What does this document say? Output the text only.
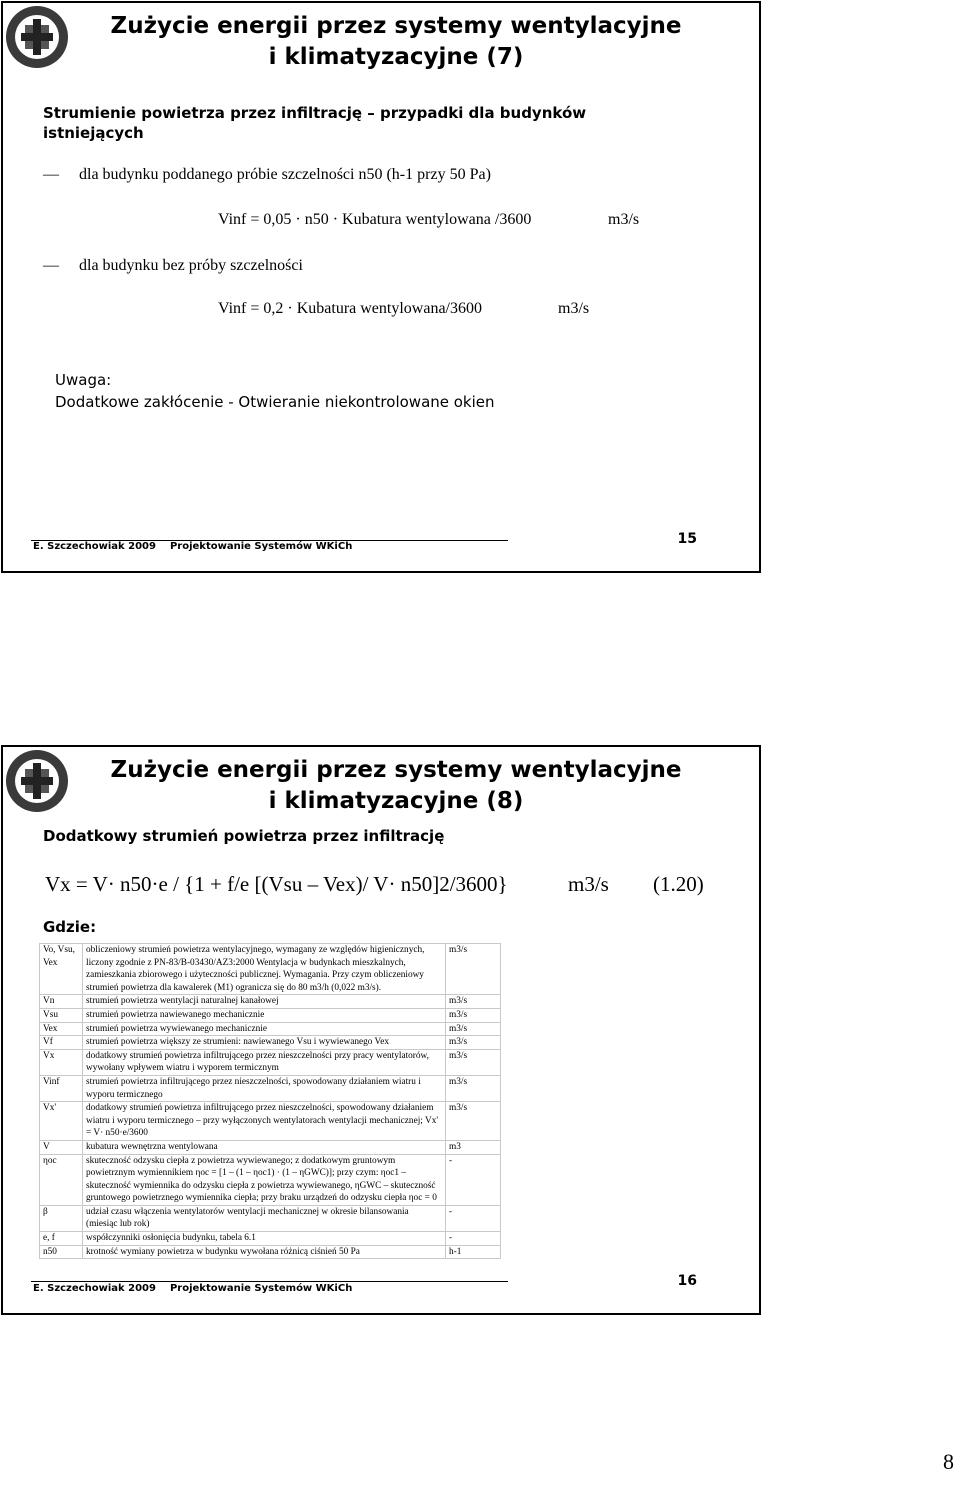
Zużycie energii przez systemy wentylacyjne
i klimatyzacyjne (7)
Strumienie powietrza przez infiltrację – przypadki dla budynków
istniejących
— dla budynku poddanego próbie szczelności n50 (h-1 przy 50 Pa)
Vinf = 0,05 · n50 · Kubatura wentylowana /3600	m3/s
— dla budynku bez próby szczelności
Vinf = 0,2 · Kubatura wentylowana/3600	m3/s
Uwaga:
Dodatkowe zakłócenie - Otwieranie niekontrolowane okien
E. Szczechowiak 2009 Projektowanie Systemów WKiCh	15
Zużycie energii przez systemy wentylacyjne
i klimatyzacyjne (8)
Dodatkowy strumień powietrza przez infiltrację
Vx = V· n50·e / {1 + f/e [(Vsu – Vex)/ V· n50]2/3600}	m3/s (1.20)
Gdzie:
Vo, Vsu, Vex	obliczeniowy strumień powietrza wentylacyjnego, wymagany ze względów higienicznych, liczony zgodnie z PN-83/B-03430/AZ3:2000 Wentylacja w budynkach mieszkalnych, zamieszkania zbiorowego i użyteczności publicznej. Wymagania. Przy czym obliczeniowy strumień powietrza dla kawalerek (M1) ograniczа się do 80 m3/h (0,022 m3/s).	m3/s
Vn	strumień powietrza wentylacji naturalnej kanałowej	m3/s
Vsu	strumień powietrza nawiewanego mechanicznie	m3/s
Vex	strumień powietrza wywiewanego mechanicznie	m3/s
Vf	strumień powietrza większy ze strumieni: nawiewanego Vsu i wywiewanego Vex	m3/s
Vx	dodatkowy strumień powietrza infiltrującego przez nieszczelności przy pracy wentylatorów, wywołany wpływem wiatru i wyporem termicznym	m3/s
Vinf	strumień powietrza infiltrującego przez nieszczelności, spowodowany działaniem wiatru i wyporu termicznego	m3/s
Vx'	dodatkowy strumień powietrza infiltrującego przez nieszczelności, spowodowany działaniem wiatru i wyporu termicznego – przy wyłączonych wentylatorach wentylacji mechanicznej; Vx' = V· n50·e/3600	m3/s
V	kubatura wewnętrzna wentylowana	m3
ηoc	skuteczność odzysku ciepła z powietrza wywiewanego; z dodatkowym gruntowym powietrznym wymiennikiem ηoc = [1 – (1 – ηoc1) · (1 – ηGWC)]; przy czym: ηoc1 – skuteczność wymiennika do odzysku ciepła z powietrza wywiewanego, ηGWC – skuteczność gruntowego powietrznego wymiennika ciepła; przy braku urządzeń do odzysku ciepła ηoc = 0	-
β	udział czasu włączenia wentylatorów wentylacji mechanicznej w okresie bilansowania (miesiąc lub rok)	-
e, f	współczynniki osłonięcia budynku, tabela 6.1	-
n50	krotność wymiany powietrza w budynku wywołana różnicą ciśnień 50 Pa	h-1
E. Szczechowiak 2009 Projektowanie Systemów WKiCh	16
8
